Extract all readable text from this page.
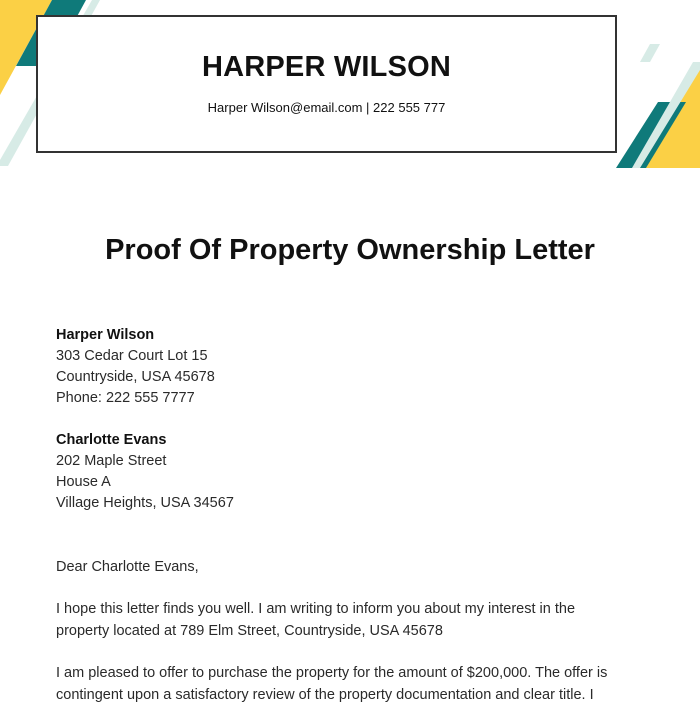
HARPER WILSON
Harper Wilson@email.com | 222 555 777
Proof Of Property Ownership Letter
Harper Wilson
303 Cedar Court Lot 15
Countryside, USA 45678
Phone: 222 555 7777
Charlotte Evans
202 Maple Street
House A
Village Heights, USA 34567
Dear Charlotte Evans,
I hope this letter finds you well. I am writing to inform you about my interest in the
property located at 789 Elm Street, Countryside, USA 45678
I am pleased to offer to purchase the property for the amount of $200,000. The offer is
contingent upon a satisfactory review of the property documentation and clear title. I
